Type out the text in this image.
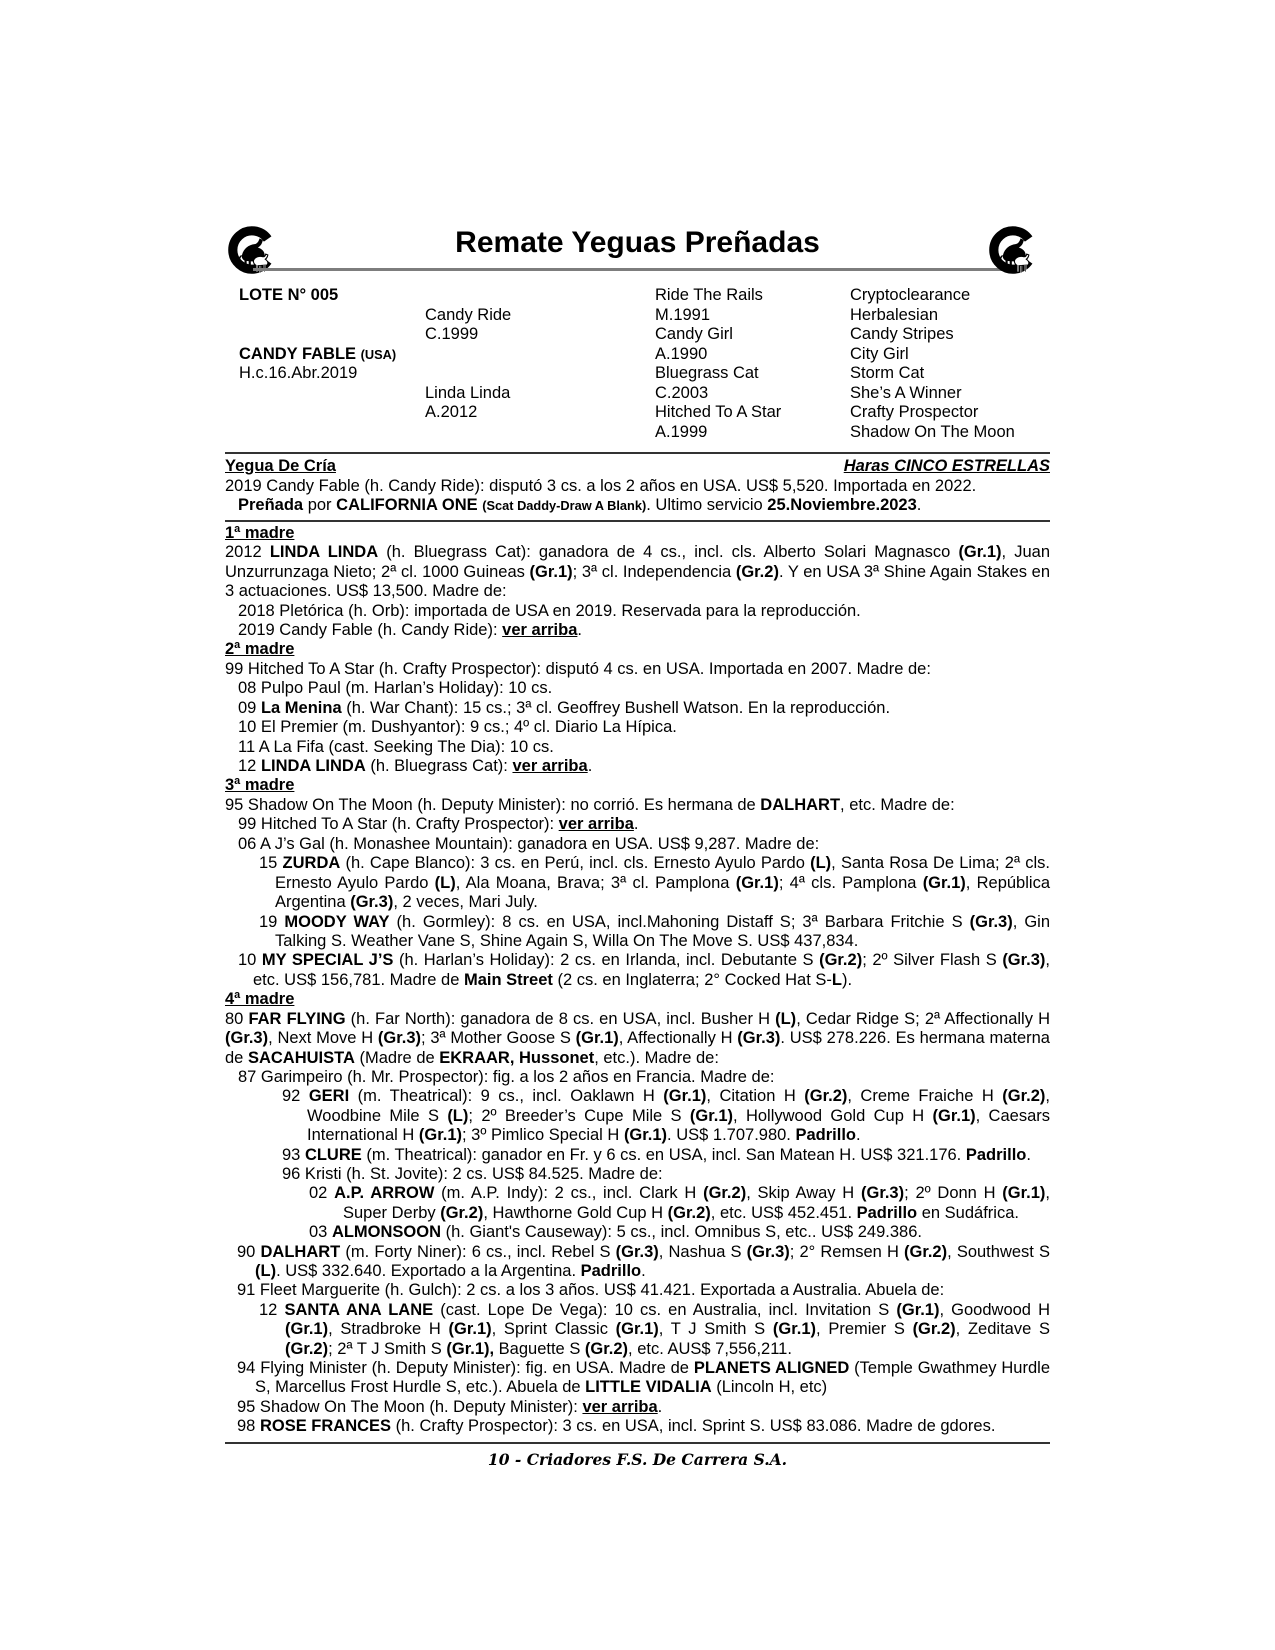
Remate Yeguas Preñadas
LOTE N° 005
CANDY FABLE (USA)
H.c.16.Abr.2019
Candy Ride
C.1999
Linda Linda
A.2012
Ride The Rails
M.1991
Candy Girl
A.1990
Bluegrass Cat
C.2003
Hitched To A Star
A.1999
Cryptoclearance
Herbalesian
Candy Stripes
City Girl
Storm Cat
She’s A Winner
Crafty Prospector
Shadow On The Moon
Yegua De Cría	Haras CINCO ESTRELLAS

2019 Candy Fable (h. Candy Ride): disputó 3 cs. a los 2 años en USA. US$ 5,520. Importada en 2022.

Preñada por CALIFORNIA ONE (Scat Daddy-Draw A Blank). Ultimo servicio 25.Noviembre.2023.

1ª madre

2012 LINDA LINDA (h. Bluegrass Cat): ganadora de 4 cs., incl. cls. Alberto Solari Magnasco (Gr.1), Juan Unzurrunzaga Nieto; 2ª cl. 1000 Guineas (Gr.1); 3ª cl. Independencia (Gr.2). Y en USA 3ª Shine Again Stakes en 3 actuaciones. US$ 13,500. Madre de:

2018 Pletórica (h. Orb): importada de USA en 2019. Reservada para la reproducción.

2019 Candy Fable (h. Candy Ride): ver arriba.

2ª madre

99 Hitched To A Star (h. Crafty Prospector): disputó 4 cs. en USA. Importada en 2007. Madre de:

08 Pulpo Paul (m. Harlan’s Holiday): 10 cs.

09 La Menina (h. War Chant): 15 cs.; 3ª cl. Geoffrey Bushell Watson. En la reproducción.

10 El Premier (m. Dushyantor): 9 cs.; 4º cl. Diario La Hípica.

11 A La Fifa (cast. Seeking The Dia): 10 cs.

12 LINDA LINDA (h. Bluegrass Cat): ver arriba.

3ª madre

95 Shadow On The Moon (h. Deputy Minister): no corrió. Es hermana de DALHART, etc. Madre de:

99 Hitched To A Star (h. Crafty Prospector): ver arriba.

06 A J’s Gal (h. Monashee Mountain): ganadora en USA. US$ 9,287. Madre de:

15 ZURDA (h. Cape Blanco): 3 cs. en Perú, incl. cls. Ernesto Ayulo Pardo (L), Santa Rosa De Lima; 2ª cls. Ernesto Ayulo Pardo (L), Ala Moana, Brava; 3ª cl. Pamplona (Gr.1); 4ª cls. Pamplona (Gr.1), República Argentina (Gr.3), 2 veces, Mari July.

19 MOODY WAY (h. Gormley): 8 cs. en USA, incl.Mahoning Distaff S; 3ª Barbara Fritchie S (Gr.3), Gin Talking S. Weather Vane S, Shine Again S, Willa On The Move S. US$ 437,834.

10 MY SPECIAL J’S (h. Harlan’s Holiday): 2 cs. en Irlanda, incl. Debutante S (Gr.2); 2º Silver Flash S (Gr.3), etc. US$ 156,781. Madre de Main Street (2 cs. en Inglaterra; 2° Cocked Hat S-L).

4ª madre

80 FAR FLYING (h. Far North): ganadora de 8 cs. en USA, incl. Busher H (L), Cedar Ridge S; 2ª Affectionally H (Gr.3), Next Move H (Gr.3); 3ª Mother Goose S (Gr.1), Affectionally H (Gr.3). US$ 278.226. Es hermana materna de SACAHUISTA (Madre de EKRAAR, Hussonet, etc.). Madre de:

87 Garimpeiro (h. Mr. Prospector): fig. a los 2 años en Francia. Madre de:

92 GERI (m. Theatrical): 9 cs., incl. Oaklawn H (Gr.1), Citation H (Gr.2), Creme Fraiche H (Gr.2), Woodbine Mile S (L); 2º Breeder’s Cupe Mile S (Gr.1), Hollywood Gold Cup H (Gr.1), Caesars International H (Gr.1); 3º Pimlico Special H (Gr.1). US$ 1.707.980. Padrillo.

93 CLURE (m. Theatrical): ganador en Fr. y 6 cs. en USA, incl. San Matean H. US$ 321.176. Padrillo.

96 Kristi (h. St. Jovite): 2 cs. US$ 84.525. Madre de:

02 A.P. ARROW (m. A.P. Indy): 2 cs., incl. Clark H (Gr.2), Skip Away H (Gr.3); 2º Donn H (Gr.1), Super Derby (Gr.2), Hawthorne Gold Cup H (Gr.2), etc. US$ 452.451. Padrillo en Sudáfrica.

03 ALMONSOON (h. Giant's Causeway): 5 cs., incl. Omnibus S, etc.. US$ 249.386.

90 DALHART (m. Forty Niner): 6 cs., incl. Rebel S (Gr.3), Nashua S (Gr.3); 2° Remsen H (Gr.2), Southwest S (L). US$ 332.640. Exportado a la Argentina. Padrillo.

91 Fleet Marguerite (h. Gulch): 2 cs. a los 3 años. US$ 41.421. Exportada a Australia. Abuela de:

12 SANTA ANA LANE (cast. Lope De Vega): 10 cs. en Australia, incl. Invitation S (Gr.1), Goodwood H (Gr.1), Stradbroke H (Gr.1), Sprint Classic (Gr.1), T J Smith S (Gr.1), Premier S (Gr.2), Zeditave S (Gr.2); 2ª T J Smith S (Gr.1), Baguette S (Gr.2), etc. AUS$ 7,556,211.

94 Flying Minister (h. Deputy Minister): fig. en USA. Madre de PLANETS ALIGNED (Temple Gwathmey Hurdle S, Marcellus Frost Hurdle S, etc.). Abuela de LITTLE VIDALIA (Lincoln H, etc)

95 Shadow On The Moon (h. Deputy Minister): ver arriba.

98 ROSE FRANCES (h. Crafty Prospector): 3 cs. en USA, incl. Sprint S. US$ 83.086. Madre de gdores.

10 - Criadores F.S. De Carrera S.A.
